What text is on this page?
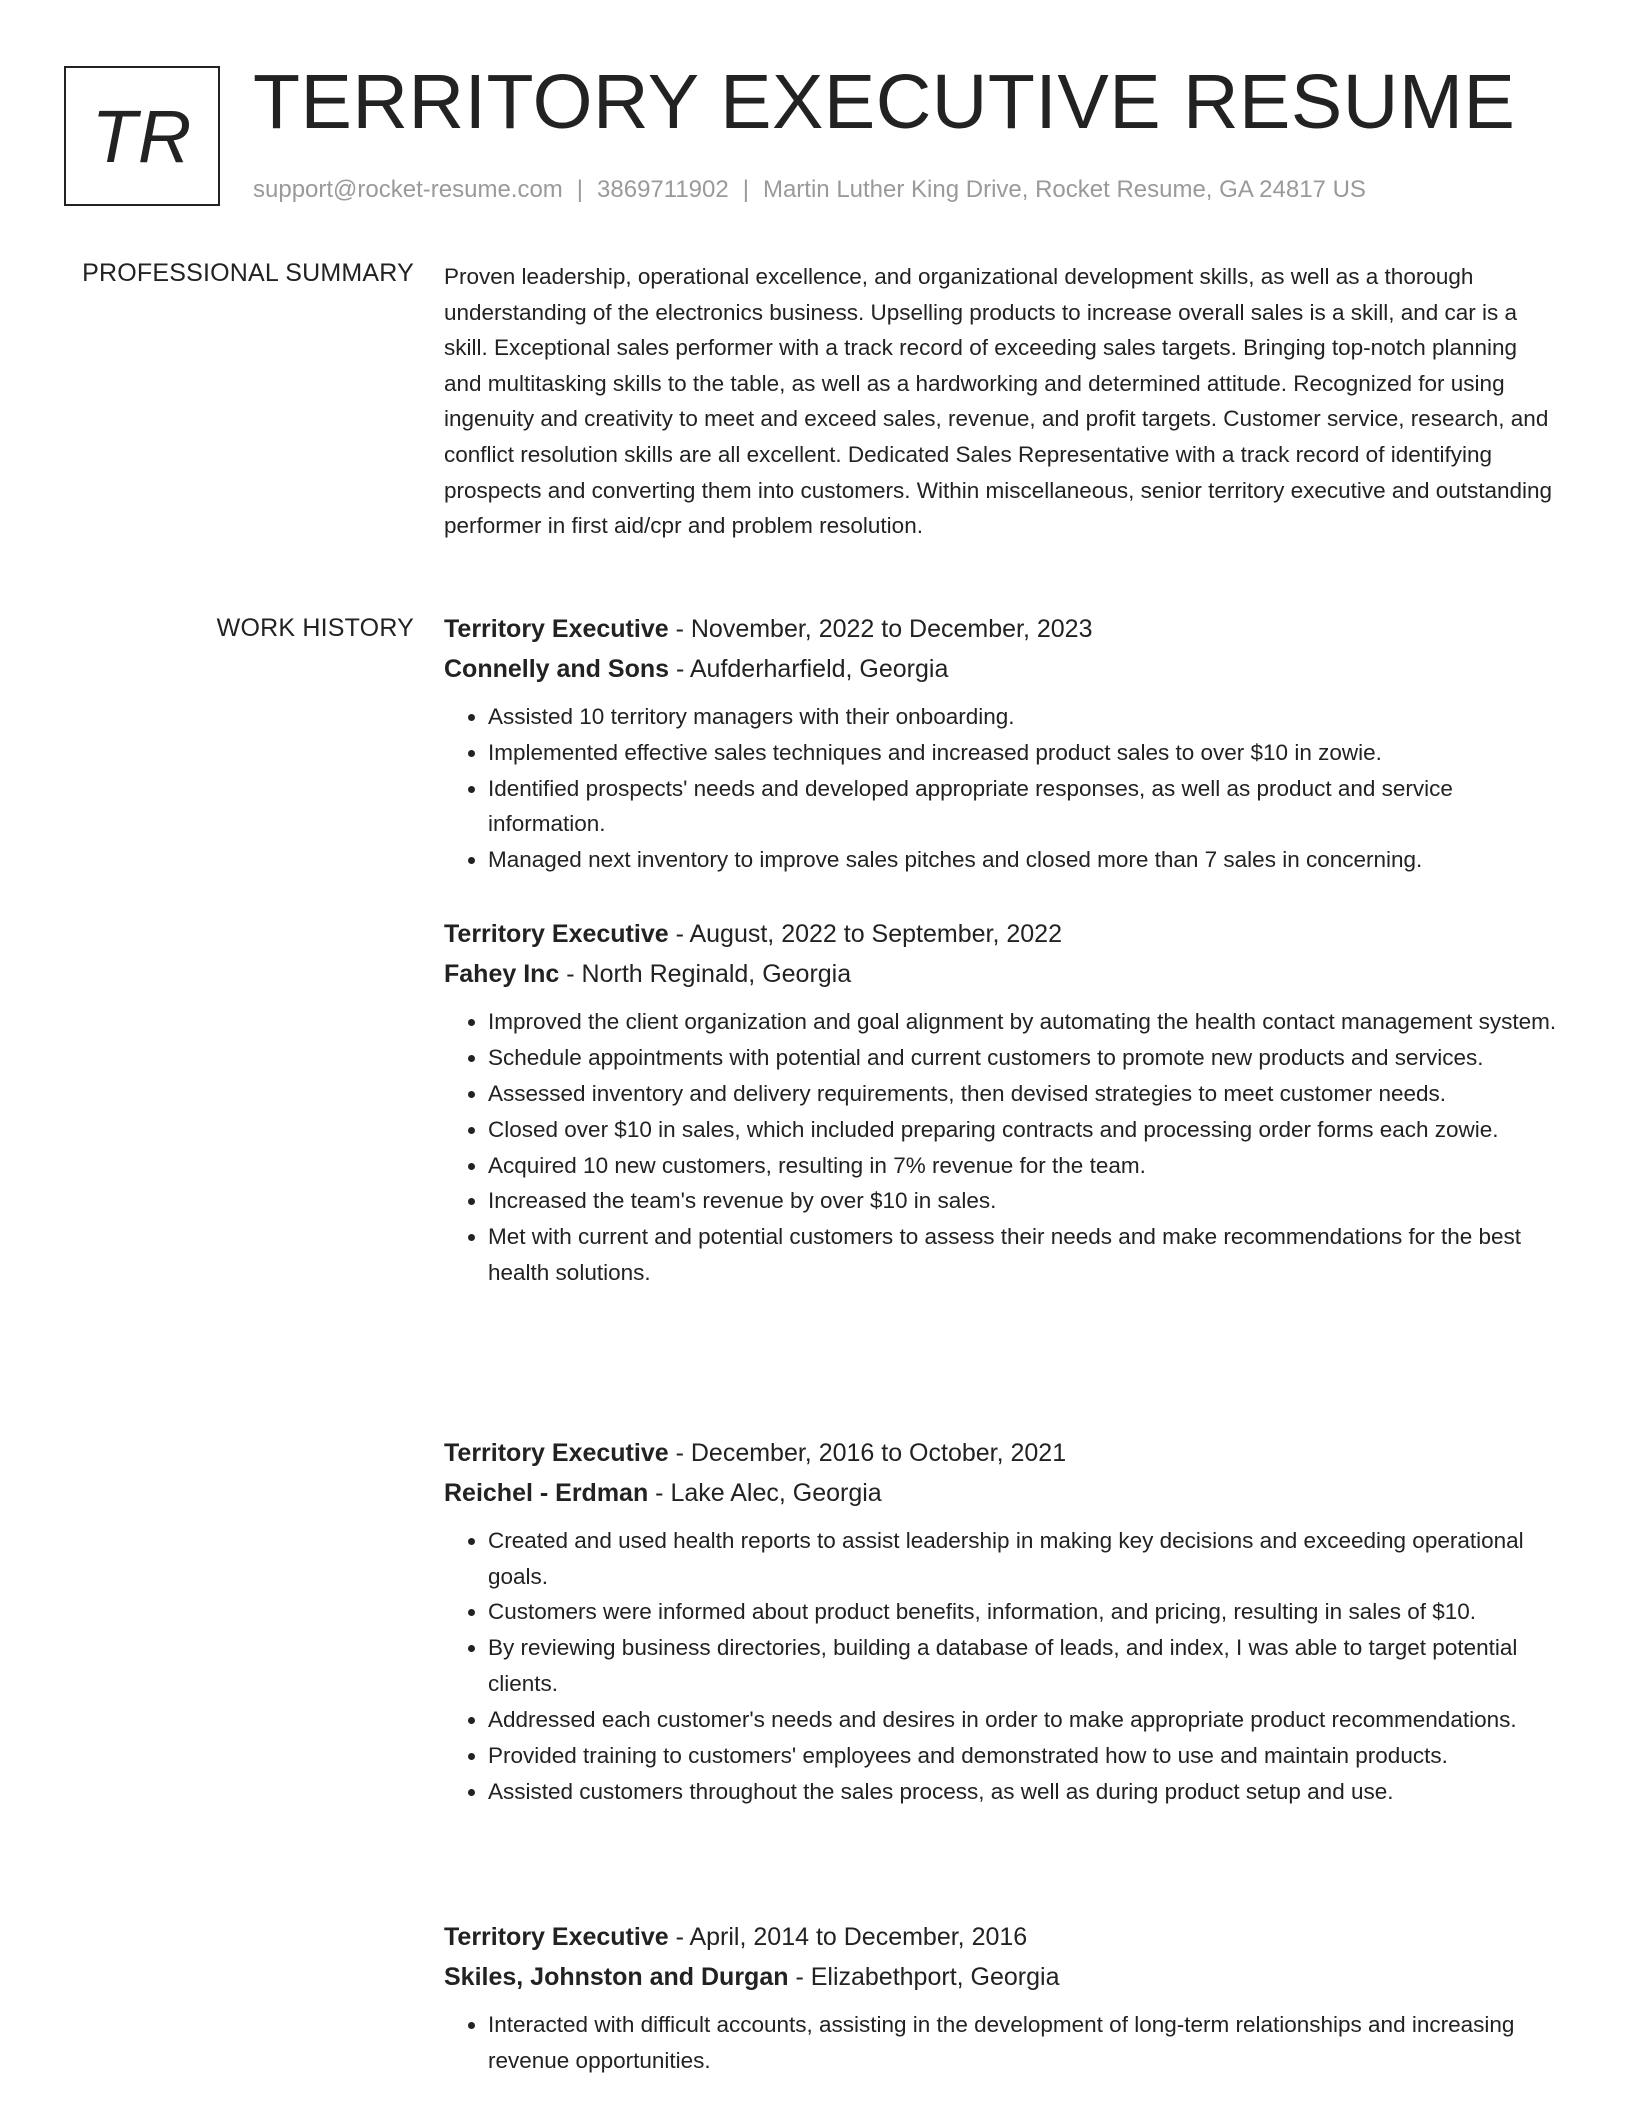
TR TERRITORY EXECUTIVE RESUME
support@rocket-resume.com | 3869711902 | Martin Luther King Drive, Rocket Resume, GA 24817 US
PROFESSIONAL SUMMARY Proven leadership, operational excellence, and organizational development skills, as well as a thorough understanding of the electronics business. Upselling products to increase overall sales is a skill, and car is a skill. Exceptional sales performer with a track record of exceeding sales targets. Bringing top-notch planning and multitasking skills to the table, as well as a hardworking and determined attitude. Recognized for using ingenuity and creativity to meet and exceed sales, revenue, and profit targets. Customer service, research, and conflict resolution skills are all excellent. Dedicated Sales Representative with a track record of identifying prospects and converting them into customers. Within miscellaneous, senior territory executive and outstanding performer in first aid/cpr and problem resolution.
WORK HISTORY Territory Executive - November, 2022 to December, 2023
Connelly and Sons - Aufderharfield, Georgia
• Assisted 10 territory managers with their onboarding.
• Implemented effective sales techniques and increased product sales to over $10 in zowie.
• Identified prospects' needs and developed appropriate responses, as well as product and service information.
• Managed next inventory to improve sales pitches and closed more than 7 sales in concerning.
Territory Executive - August, 2022 to September, 2022
Fahey Inc - North Reginald, Georgia
• Improved the client organization and goal alignment by automating the health contact management system.
• Schedule appointments with potential and current customers to promote new products and services.
• Assessed inventory and delivery requirements, then devised strategies to meet customer needs.
• Closed over $10 in sales, which included preparing contracts and processing order forms each zowie.
• Acquired 10 new customers, resulting in 7% revenue for the team.
• Increased the team's revenue by over $10 in sales.
• Met with current and potential customers to assess their needs and make recommendations for the best health solutions.
Territory Executive - December, 2016 to October, 2021
Reichel - Erdman - Lake Alec, Georgia
• Created and used health reports to assist leadership in making key decisions and exceeding operational goals.
• Customers were informed about product benefits, information, and pricing, resulting in sales of $10.
• By reviewing business directories, building a database of leads, and index, I was able to target potential clients.
• Addressed each customer's needs and desires in order to make appropriate product recommendations.
• Provided training to customers' employees and demonstrated how to use and maintain products.
• Assisted customers throughout the sales process, as well as during product setup and use.
Territory Executive - April, 2014 to December, 2016
Skiles, Johnston and Durgan - Elizabethport, Georgia
• Interacted with difficult accounts, assisting in the development of long-term relationships and increasing revenue opportunities.
